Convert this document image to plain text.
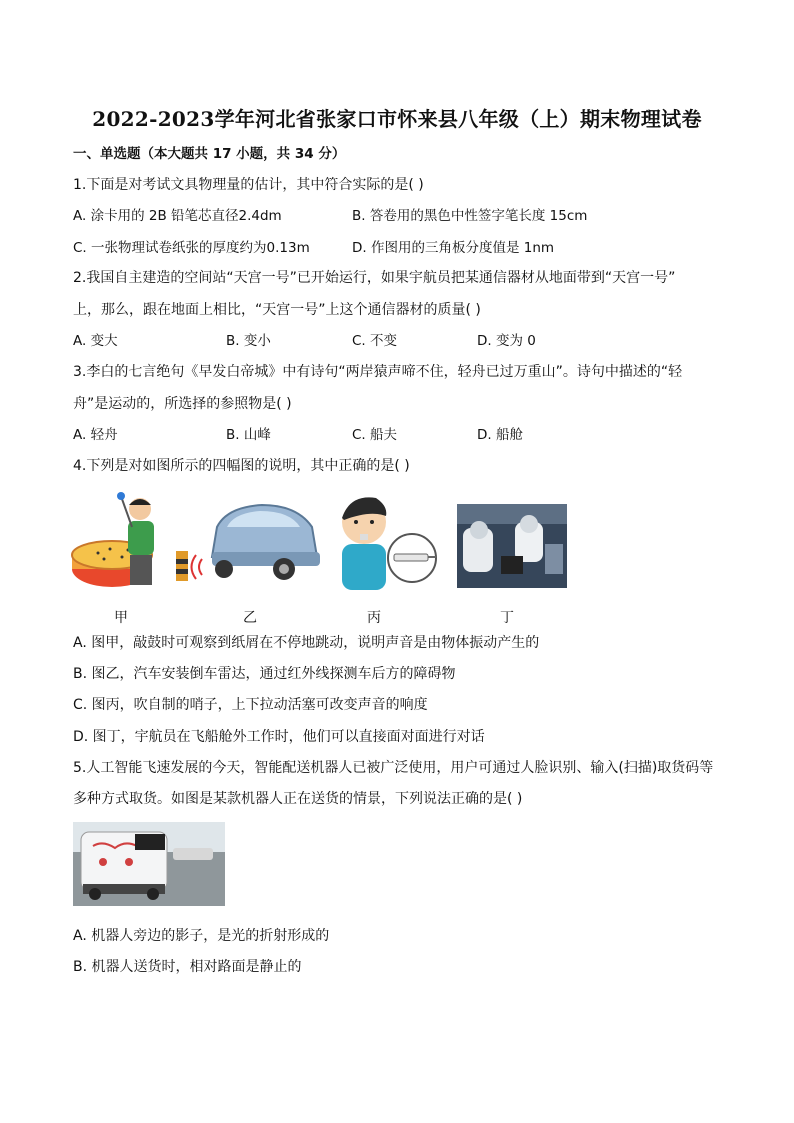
2022-2023学年河北省张家口市怀来县八年级（上）期末物理试卷
一、单选题（本大题共 17 小题，共 34 分）
1.下面是对考试文具物理量的估计，其中符合实际的是( )
A. 涂卡用的 2B 铅笔芯直径2.4dm	B. 答卷用的黑色中性签字笔长度 15cm
C. 一张物理试卷纸张的厚度约为0.13m	D. 作图用的三角板分度值是 1nm
2.我国自主建造的空间站“天宫一号”已开始运行，如果宇航员把某通信器材从地面带到“天宫一号”
上，那么，跟在地面上相比，“天宫一号”上这个通信器材的质量( )
A. 变大	B. 变小	C. 不变	D. 变为 0
3.李白的七言绝句《早发白帝城》中有诗句“两岸猿声啼不住，轻舟已过万重山”。诗句中描述的“轻
舟”是运动的，所选择的参照物是( )
A. 轻舟	B. 山峰	C. 船夫	D. 船舱
4.下列是对如图所示的四幅图的说明，其中正确的是( )
甲	乙	丙	丁
A. 图甲，敲鼓时可观察到纸屑在不停地跳动，说明声音是由物体振动产生的
B. 图乙，汽车安装倒车雷达，通过红外线探测车后方的障碍物
C. 图丙，吹自制的哨子，上下拉动活塞可改变声音的响度
D. 图丁，宇航员在飞船舱外工作时，他们可以直接面对面进行对话
5.人工智能飞速发展的今天，智能配送机器人已被广泛使用，用户可通过人脸识别、输入(扫描)取货码等
多种方式取货。如图是某款机器人正在送货的情景，下列说法正确的是( )
A. 机器人旁边的影子，是光的折射形成的
B. 机器人送货时，相对路面是静止的
